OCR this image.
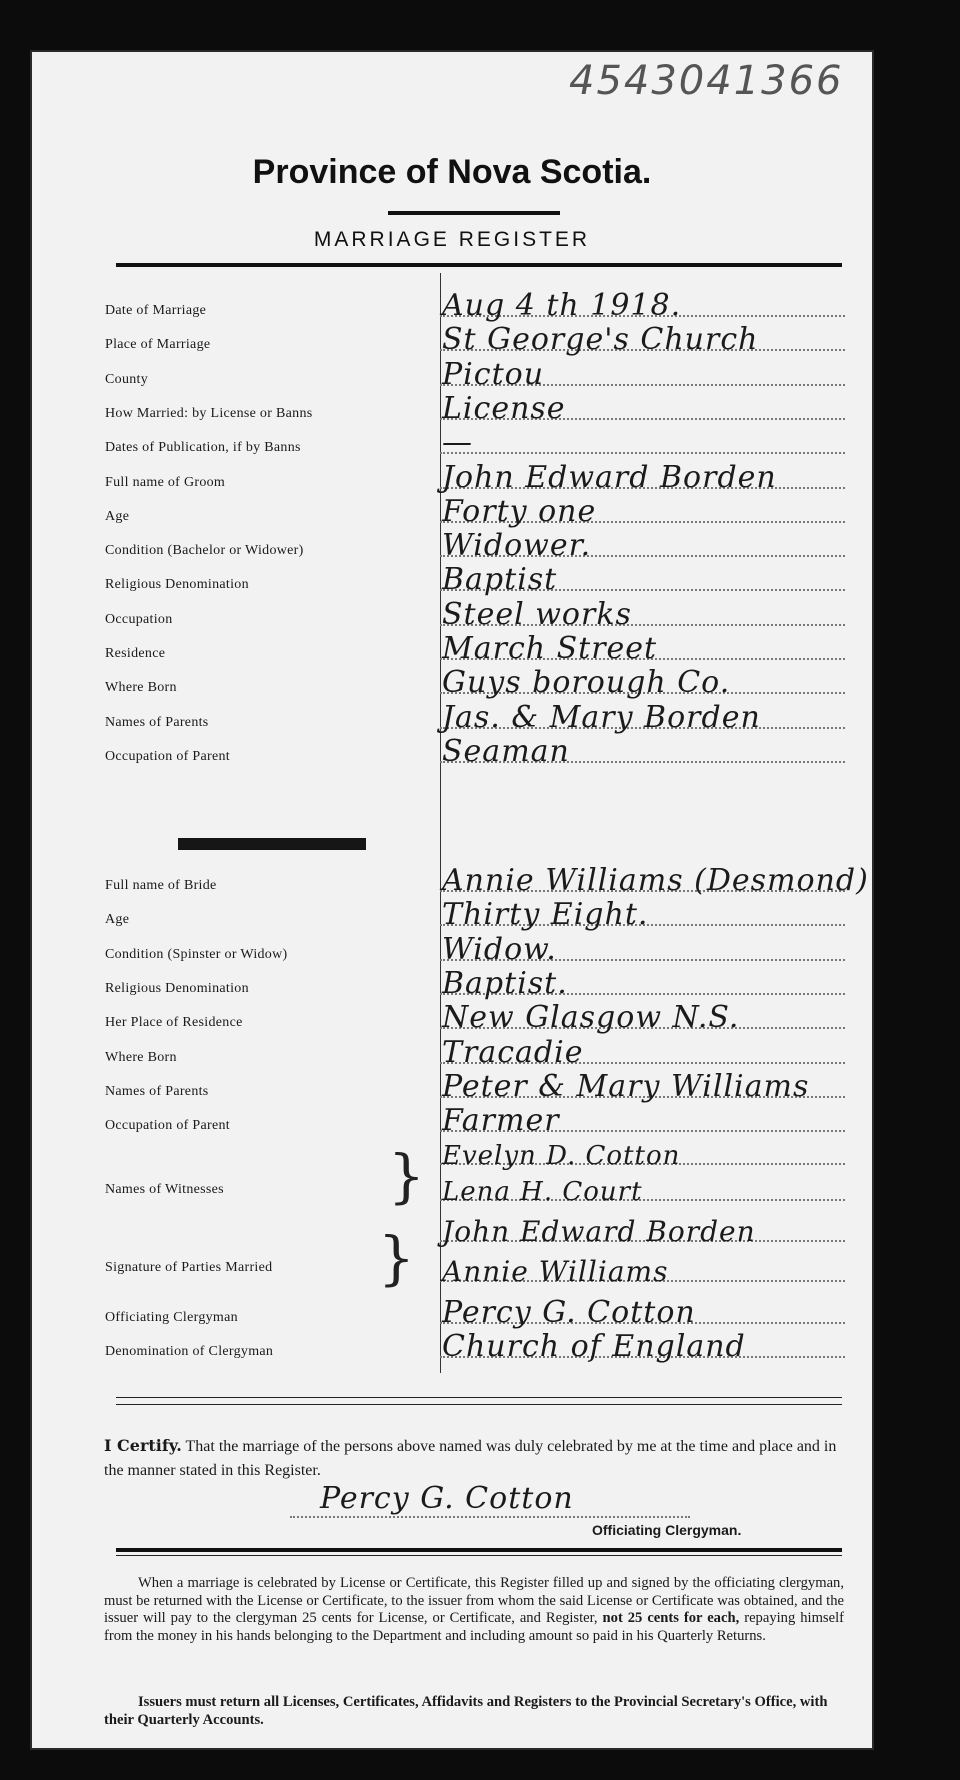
4543041366
Province of Nova Scotia.
MARRIAGE REGISTER
Date of Marriage	Aug 4 th 1918.
Place of Marriage	St George's Church
County	Pictou
How Married: by License or Banns	License
Dates of Publication, if by Banns	—
Full name of Groom	John Edward Borden
Age	Forty one
Condition (Bachelor or Widower)	Widower.
Religious Denomination	Baptist
Occupation	Steel works
Residence	March Street
Where Born	Guys borough Co.
Names of Parents	Jas. & Mary Borden
Occupation of Parent	Seaman
Full name of Bride	Annie Williams (Desmond)
Age	Thirty Eight.
Condition (Spinster or Widow)	Widow.
Religious Denomination	Baptist.
Her Place of Residence	New Glasgow N.S.
Where Born	Tracadie
Names of Parents	Peter & Mary Williams
Occupation of Parent	Farmer
Names of Witnesses	} Evelyn D. Cotton
Lena H. Court
Signature of Parties Married } John Edward Borden
Annie Williams
Officiating Clergyman	Percy G. Cotton
Denomination of Clergyman	Church of England
I Certify. That the marriage of the persons above named was duly celebrated by me at the time and place and in the manner stated in this Register.
Percy G. Cotton
Officiating Clergyman.
When a marriage is celebrated by License or Certificate, this Register filled up and signed by the officiating clergyman, must be returned with the License or Certificate, to the issuer from whom the said License or Certificate was obtained, and the issuer will pay to the clergyman 25 cents for License, or Certificate, and Register, not 25 cents for each, repaying himself from the money in his hands belonging to the Department and including amount so paid in his Quarterly Returns.
Issuers must return all Licenses, Certificates, Affidavits and Registers to the Provincial Secretary's Office, with their Quarterly Accounts.
